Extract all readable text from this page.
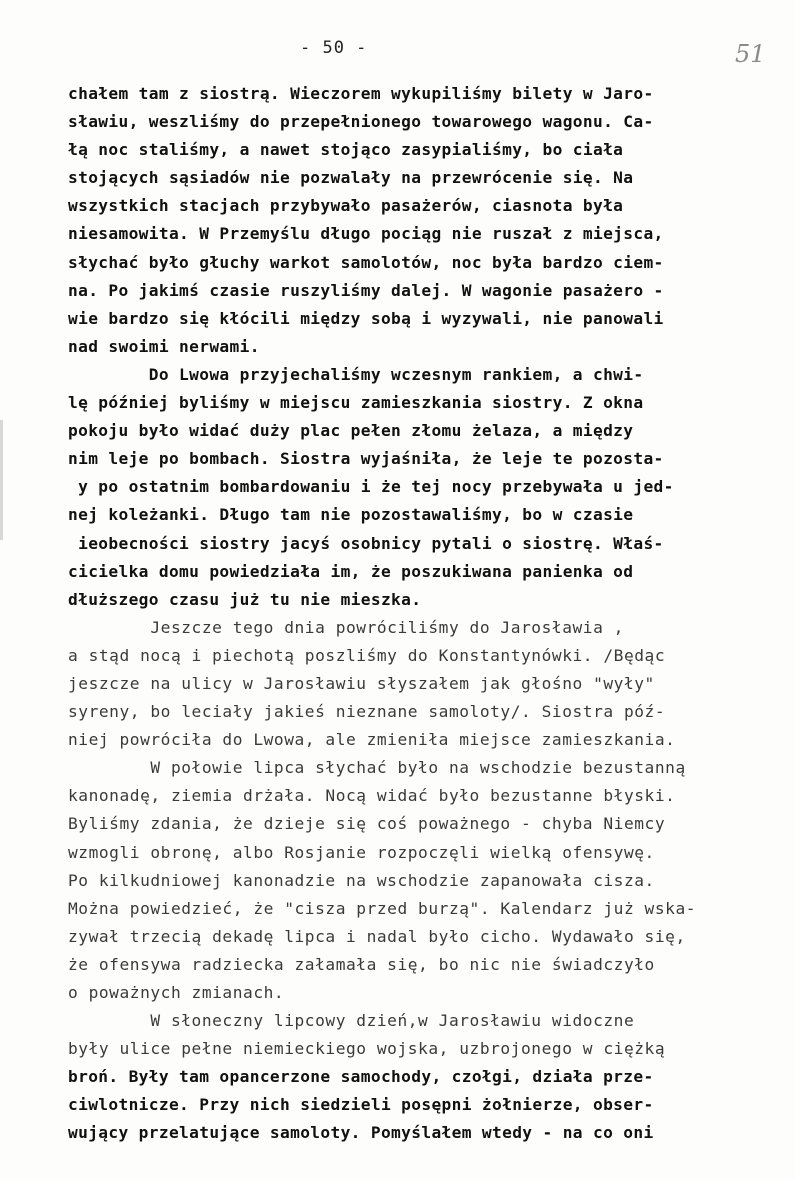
- 50 -	51
chałem tam z siostrą. Wieczorem wykupiliśmy bilety w Jaro-
sławiu, weszliśmy do przepełnionego towarowego wagonu. Ca-
łą noc staliśmy, a nawet stojąco zasypialiśmy, bo ciała
stojących sąsiadów nie pozwalały na przewrócenie się. Na
wszystkich stacjach przybywało pasażerów, ciasnota była
niesamowita. W Przemyślu długo pociąg nie ruszał z miejsca,
słychać było głuchy warkot samolotów, noc była bardzo ciem-
na. Po jakimś czasie ruszyliśmy dalej. W wagonie pasażero -
wie bardzo się kłócili między sobą i wyzywali, nie panowali
nad swoimi nerwami.
Do Lwowa przyjechaliśmy wczesnym rankiem, a chwi-
lę później byliśmy w miejscu zamieszkania siostry. Z okna
pokoju było widać duży plac pełen złomu żelaza, a między
nim leje po bombach. Siostra wyjaśniła, że leje te pozosta-
y po ostatnim bombardowaniu i że tej nocy przebywała u jed-
nej koleżanki. Długo tam nie pozostawaliśmy, bo w czasie
ieobecności siostry jacyś osobnicy pytali o siostrę. Właś-
cicielka domu powiedziała im, że poszukiwana panienka od
dłuższego czasu już tu nie mieszka.
Jeszcze tego dnia powróciliśmy do Jarosławia ,
a stąd nocą i piechotą poszliśmy do Konstantynówki. /Będąc
jeszcze na ulicy w Jarosławiu słyszałem jak głośno "wyły"
syreny, bo leciały jakieś nieznane samoloty/. Siostra póź-
niej powróciła do Lwowa, ale zmieniła miejsce zamieszkania.
W połowie lipca słychać było na wschodzie bezustanną
kanonadę, ziemia drżała. Nocą widać było bezustanne błyski.
Byliśmy zdania, że dzieje się coś poważnego - chyba Niemcy
wzmogli obronę, albo Rosjanie rozpoczęli wielką ofensywę.
Po kilkudniowej kanonadzie na wschodzie zapanowała cisza.
Można powiedzieć, że "cisza przed burzą". Kalendarz już wska-
zywał trzecią dekadę lipca i nadal było cicho. Wydawało się,
że ofensywa radziecka załamała się, bo nic nie świadczyło
o poważnych zmianach.
W słoneczny lipcowy dzień,w Jarosławiu widoczne
były ulice pełne niemieckiego wojska, uzbrojonego w ciężką
broń. Były tam opancerzone samochody, czołgi, działa prze-
ciwlotnicze. Przy nich siedzieli posępni żołnierze, obser-
wujący przelatujące samoloty. Pomyślałem wtedy - na co oni
